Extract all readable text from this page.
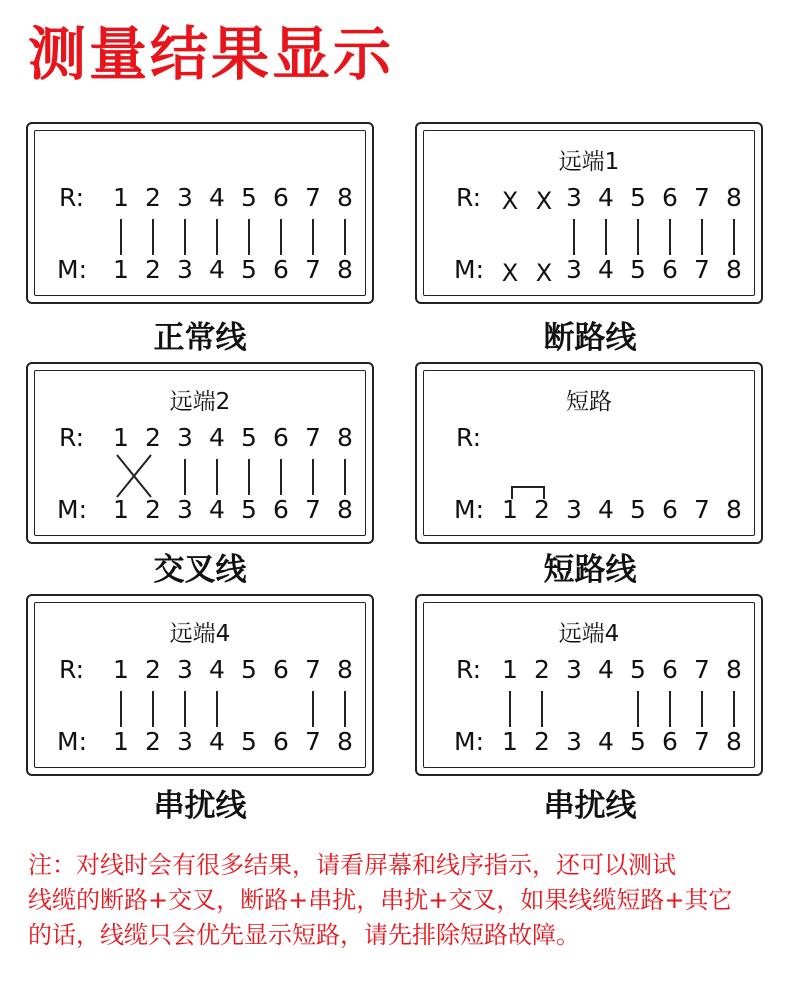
测量结果显示
R:
M:
1 2 3 4 5 6 7 8
1 2 3 4 5 6 7 8
正常线
远端1
R:
M:
X X
X X
3 4 5 6 7 8
3 4 5 6 7 8
断路线
远端2
R:
M:
1 2 3 4 5 6 7 8
1 2 3 4 5 6 7 8
交叉线
短路
R:
M: 1 2 3 4 5 6 7 8
短路线
远端4
R:
M:
1 2 3 4 5 6 7 8
1 2 3 4 5 6 7 8
串扰线
远端4
R:
M:
1 2 3 4 5 6 7 8
1 2 3 4 5 6 7 8
串扰线

注：对线时会有很多结果，请看屏幕和线序指示，还可以测试

线缆的断路+交叉，断路+串扰，串扰+交叉，如果线缆短路+其它

的话，线缆只会优先显示短路，请先排除短路故障。
